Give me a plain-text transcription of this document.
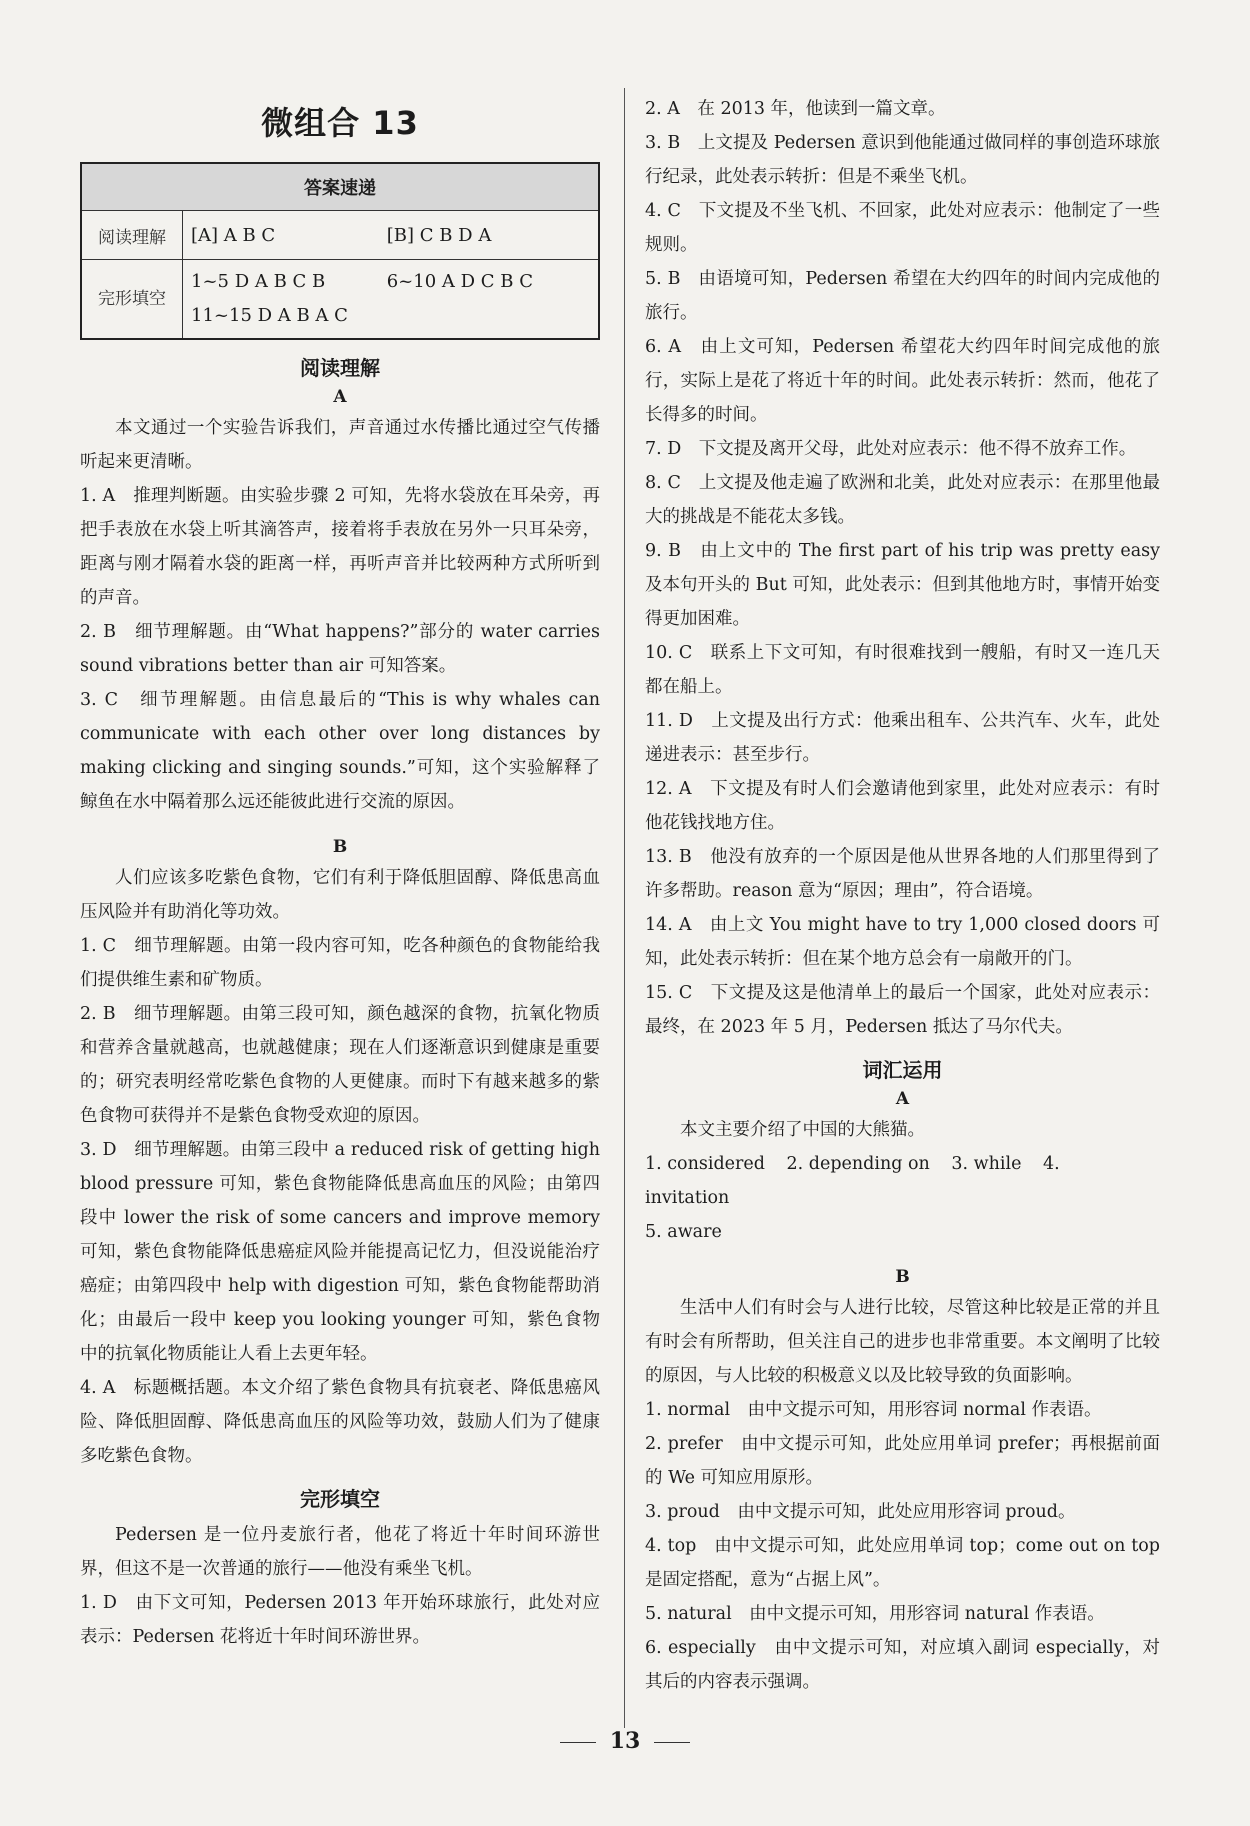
微组合 13
答案速递	
阅读理解	[A] A B C [B] C B D A
完形填空	1~5 D A B C B 6~10 A D C B C
11~15 D A B A C
阅读理解
A

本文通过一个实验告诉我们，声音通过水传播比通过空气传播听起来更清晰。

1. A　推理判断题。由实验步骤 2 可知，先将水袋放在耳朵旁，再把手表放在水袋上听其滴答声，接着将手表放在另外一只耳朵旁，距离与刚才隔着水袋的距离一样，再听声音并比较两种方式所听到的声音。

2. B　细节理解题。由“What happens?”部分的 water carries sound vibrations better than air 可知答案。

3. C　细节理解题。由信息最后的“This is why whales can communicate with each other over long distances by making clicking and singing sounds.”可知，这个实验解释了鲸鱼在水中隔着那么远还能彼此进行交流的原因。

B

人们应该多吃紫色食物，它们有利于降低胆固醇、降低患高血压风险并有助消化等功效。

1. C　细节理解题。由第一段内容可知，吃各种颜色的食物能给我们提供维生素和矿物质。

2. B　细节理解题。由第三段可知，颜色越深的食物，抗氧化物质和营养含量就越高，也就越健康；现在人们逐渐意识到健康是重要的；研究表明经常吃紫色食物的人更健康。而时下有越来越多的紫色食物可获得并不是紫色食物受欢迎的原因。

3. D　细节理解题。由第三段中 a reduced risk of getting high blood pressure 可知，紫色食物能降低患高血压的风险；由第四段中 lower the risk of some cancers and improve memory 可知，紫色食物能降低患癌症风险并能提高记忆力，但没说能治疗癌症；由第四段中 help with digestion 可知，紫色食物能帮助消化；由最后一段中 keep you looking younger 可知，紫色食物中的抗氧化物质能让人看上去更年轻。

4. A　标题概括题。本文介绍了紫色食物具有抗衰老、降低患癌风险、降低胆固醇、降低患高血压的风险等功效，鼓励人们为了健康多吃紫色食物。

完形填空

Pedersen 是一位丹麦旅行者，他花了将近十年时间环游世界，但这不是一次普通的旅行——他没有乘坐飞机。

1. D　由下文可知，Pedersen 2013 年开始环球旅行，此处对应表示：Pedersen 花将近十年时间环游世界。

2. A　在 2013 年，他读到一篇文章。

3. B　上文提及 Pedersen 意识到他能通过做同样的事创造环球旅行纪录，此处表示转折：但是不乘坐飞机。

4. C　下文提及不坐飞机、不回家，此处对应表示：他制定了一些规则。

5. B　由语境可知，Pedersen 希望在大约四年的时间内完成他的旅行。

6. A　由上文可知，Pedersen 希望花大约四年时间完成他的旅行，实际上是花了将近十年的时间。此处表示转折：然而，他花了长得多的时间。

7. D　下文提及离开父母，此处对应表示：他不得不放弃工作。

8. C　上文提及他走遍了欧洲和北美，此处对应表示：在那里他最大的挑战是不能花太多钱。

9. B　由上文中的 The first part of his trip was pretty easy 及本句开头的 But 可知，此处表示：但到其他地方时，事情开始变得更加困难。

10. C　联系上下文可知，有时很难找到一艘船，有时又一连几天都在船上。

11. D　上文提及出行方式：他乘出租车、公共汽车、火车，此处递进表示：甚至步行。

12. A　下文提及有时人们会邀请他到家里，此处对应表示：有时他花钱找地方住。

13. B　他没有放弃的一个原因是他从世界各地的人们那里得到了许多帮助。reason 意为“原因；理由”，符合语境。

14. A　由上文 You might have to try 1,000 closed doors 可知，此处表示转折：但在某个地方总会有一扇敞开的门。

15. C　下文提及这是他清单上的最后一个国家，此处对应表示：最终，在 2023 年 5 月，Pedersen 抵达了马尔代夫。

词汇运用
A

本文主要介绍了中国的大熊猫。

1. considered 2. depending on 3. while 4. invitation
5. aware
B

生活中人们有时会与人进行比较，尽管这种比较是正常的并且有时会有所帮助，但关注自己的进步也非常重要。本文阐明了比较的原因，与人比较的积极意义以及比较导致的负面影响。

1. normal　由中文提示可知，用形容词 normal 作表语。

2. prefer　由中文提示可知，此处应用单词 prefer；再根据前面的 We 可知应用原形。

3. proud　由中文提示可知，此处应用形容词 proud。

4. top　由中文提示可知，此处应用单词 top；come out on top 是固定搭配，意为“占据上风”。

5. natural　由中文提示可知，用形容词 natural 作表语。

6. especially　由中文提示可知，对应填入副词 especially，对其后的内容表示强调。

13
